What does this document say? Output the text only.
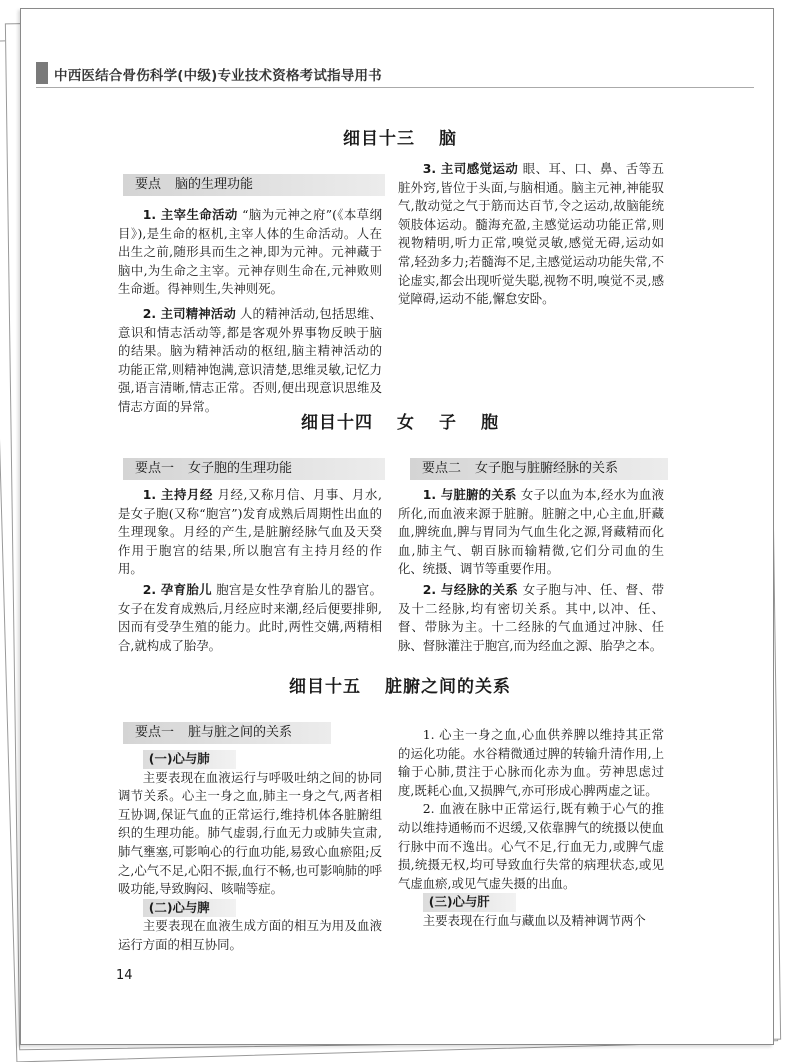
中西医结合骨伤科学(中级)专业技术资格考试指导用书
细目十三 脑
要点 脑的生理功能

1. 主宰生命活动 “脑为元神之府”(《本草纲目》),是生命的枢机,主宰人体的生命活动。人在出生之前,随形具而生之神,即为元神。元神藏于脑中,为生命之主宰。元神存则生命在,元神败则生命逝。得神则生,失神则死。

2. 主司精神活动 人的精神活动,包括思维、意识和情志活动等,都是客观外界事物反映于脑的结果。脑为精神活动的枢纽,脑主精神活动的功能正常,则精神饱满,意识清楚,思维灵敏,记忆力强,语言清晰,情志正常。否则,便出现意识思维及情志方面的异常。

3. 主司感觉运动 眼、耳、口、鼻、舌等五脏外窍,皆位于头面,与脑相通。脑主元神,神能驭气,散动觉之气于筋而达百节,令之运动,故脑能统领肢体运动。髓海充盈,主感觉运动功能正常,则视物精明,听力正常,嗅觉灵敏,感觉无碍,运动如常,轻劲多力;若髓海不足,主感觉运动功能失常,不论虚实,都会出现听觉失聪,视物不明,嗅觉不灵,感觉障碍,运动不能,懈怠安卧。

细目十四 女 子 胞
要点一 女子胞的生理功能

1. 主持月经 月经,又称月信、月事、月水,是女子胞(又称“胞宫”)发育成熟后周期性出血的生理现象。月经的产生,是脏腑经脉气血及天癸作用于胞宫的结果,所以胞宫有主持月经的作用。

2. 孕育胎儿 胞宫是女性孕育胎儿的器官。女子在发育成熟后,月经应时来潮,经后便要排卵,因而有受孕生殖的能力。此时,两性交媾,两精相合,就构成了胎孕。

要点二 女子胞与脏腑经脉的关系

1. 与脏腑的关系 女子以血为本,经水为血液所化,而血液来源于脏腑。脏腑之中,心主血,肝藏血,脾统血,脾与胃同为气血生化之源,肾藏精而化血,肺主气、朝百脉而输精微,它们分司血的生化、统摄、调节等重要作用。

2. 与经脉的关系 女子胞与冲、任、督、带及十二经脉,均有密切关系。其中,以冲、任、督、带脉为主。十二经脉的气血通过冲脉、任脉、督脉灌注于胞宫,而为经血之源、胎孕之本。

细目十五 脏腑之间的关系
要点一 脏与脏之间的关系

(一)心与肺

主要表现在血液运行与呼吸吐纳之间的协同调节关系。心主一身之血,肺主一身之气,两者相互协调,保证气血的正常运行,维持机体各脏腑组织的生理功能。肺气虚弱,行血无力或肺失宣肃,肺气壅塞,可影响心的行血功能,易致心血瘀阻;反之,心气不足,心阳不振,血行不畅,也可影响肺的呼吸功能,导致胸闷、咳喘等症。

(二)心与脾

主要表现在血液生成方面的相互为用及血液运行方面的相互协同。

1. 心主一身之血,心血供养脾以维持其正常的运化功能。水谷精微通过脾的转输升清作用,上输于心肺,贯注于心脉而化赤为血。劳神思虑过度,既耗心血,又损脾气,亦可形成心脾两虚之证。

2. 血液在脉中正常运行,既有赖于心气的推动以维持通畅而不迟缓,又依靠脾气的统摄以使血行脉中而不逸出。心气不足,行血无力,或脾气虚损,统摄无权,均可导致血行失常的病理状态,或见气虚血瘀,或见气虚失摄的出血。

(三)心与肝

主要表现在行血与藏血以及精神调节两个

14
